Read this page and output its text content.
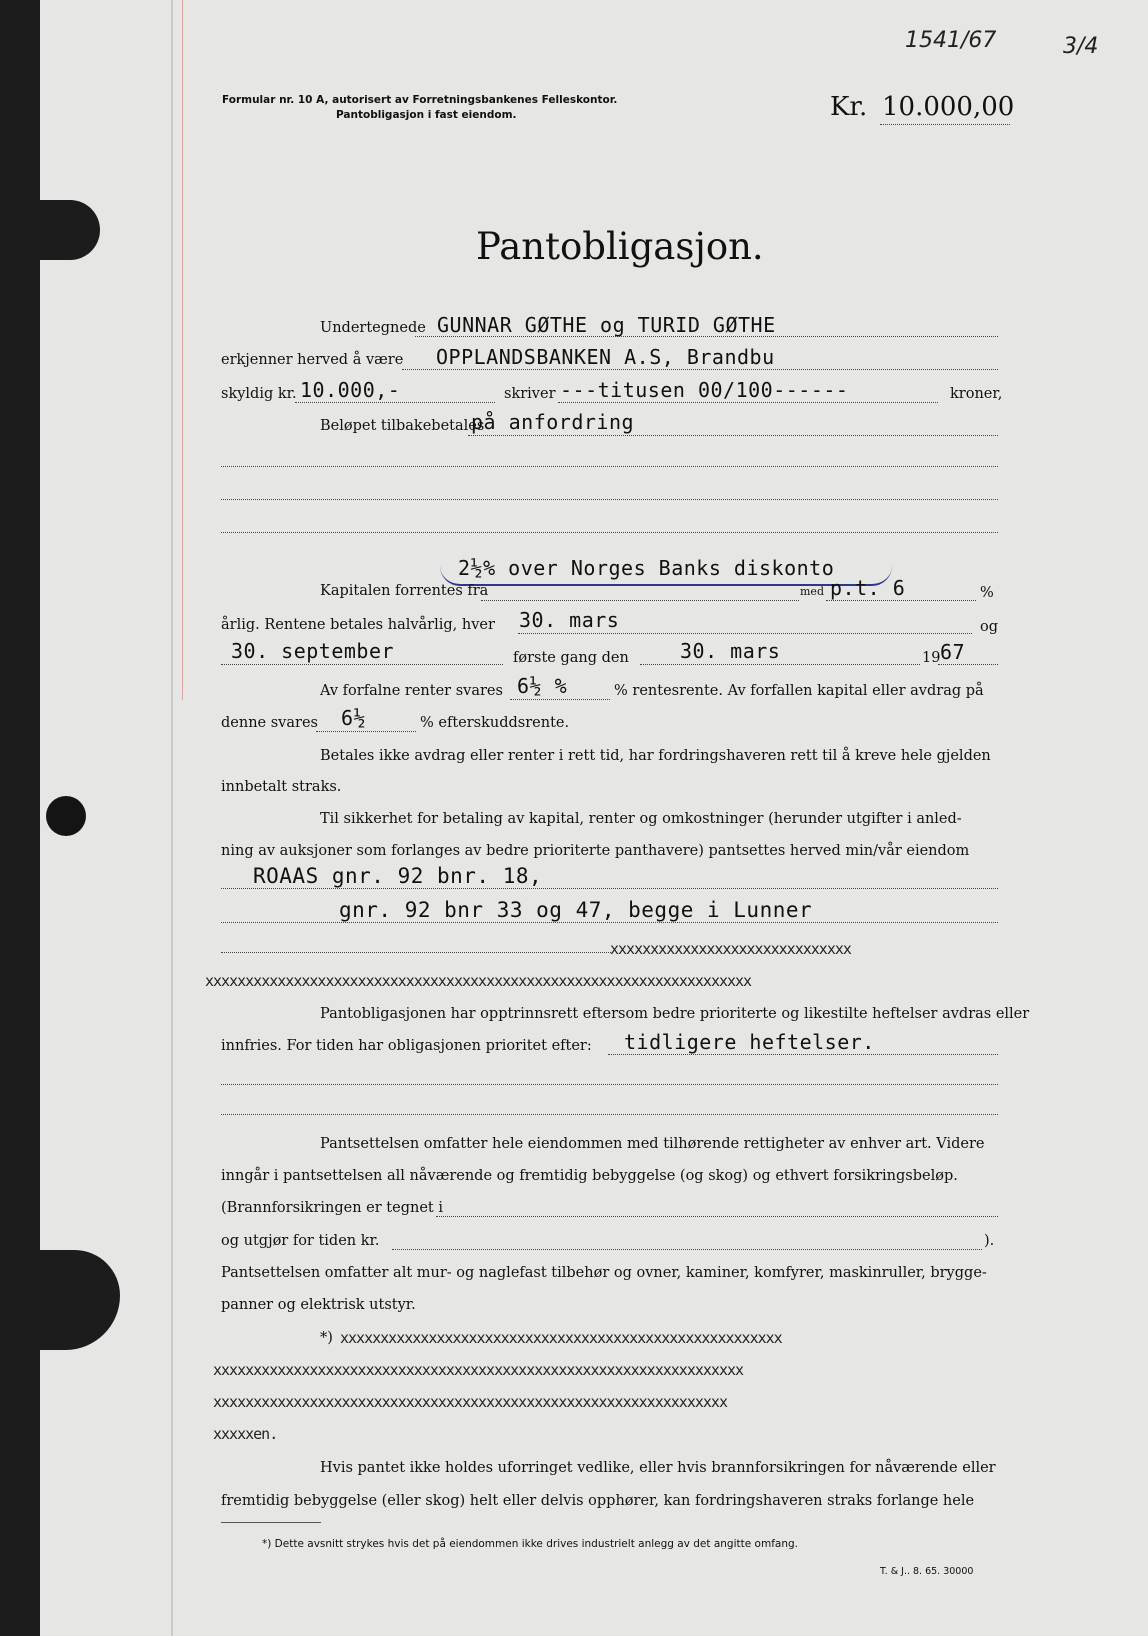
1541/67	3/4
Formular nr. 10 A, autorisert av Forretningsbankenes Felleskontor.
Pantobligasjon i fast eiendom.	Kr. 10.000,00
Pantobligasjon.
Undertegnede GUNNAR GØTHE og TURID GØTHE
erkjenner herved å være OPPLANDSBANKEN A.S, Brandbu
skyldig kr. 10.000,-	skriver ---titusen 00/100------	kroner,
Beløpet tilbakebetales
på anfordring
2½% over Norges Banks diskonto
Kapitalen forrentes fra	med p.t. 6	%
årlig. Rentene betales halvårlig, hver 30. mars	og
30. september	første gang den	30. mars	19 67
Av forfalne renter svares 6½ %	% rentesrente. Av forfallen kapital eller avdrag på
denne svares 6½	% efterskuddsrente.
Betales ikke avdrag eller renter i rett tid, har fordringshaveren rett til å kreve hele gjelden
innbetalt straks.
Til sikkerhet for betaling av kapital, renter og omkostninger (herunder utgifter i anled-
ning av auksjoner som forlanges av bedre prioriterte panthavere) pantsettes herved min/vår eiendom
ROAAS gnr. 92 bnr. 18,
gnr. 92 bnr 33 og 47, begge i Lunner
xxxxxxxxxxxxxxxxxxxxxxxxxxxxxx
xxxxxxxxxxxxxxxxxxxxxxxxxxxxxxxxxxxxxxxxxxxxxxxxxxxxxxxxxxxxxxxxxxxx
Pantobligasjonen har opptrinnsrett eftersom bedre prioriterte og likestilte heftelser avdras eller
innfries. For tiden har obligasjonen prioritet efter: tidligere heftelser.
Pantsettelsen omfatter hele eiendommen med tilhørende rettigheter av enhver art. Videre
inngår i pantsettelsen all nåværende og fremtidig bebyggelse (og skog) og ethvert forsikringsbeløp.
(Brannforsikringen er tegnet i
og utgjør for tiden kr.	).
Pantsettelsen omfatter alt mur- og naglefast tilbehør og ovner, kaminer, komfyrer, maskinruller, brygge-
panner og elektrisk utstyr.
*) xxxxxxxxxxxxxxxxxxxxxxxxxxxxxxxxxxxxxxxxxxxxxxxxxxxxxxx
xxxxxxxxxxxxxxxxxxxxxxxxxxxxxxxxxxxxxxxxxxxxxxxxxxxxxxxxxxxxxxxxxx
xxxxxxxxxxxxxxxxxxxxxxxxxxxxxxxxxxxxxxxxxxxxxxxxxxxxxxxxxxxxxxxx
xxxxxen.
Hvis pantet ikke holdes uforringet vedlike, eller hvis brannforsikringen for nåværende eller
fremtidig bebyggelse (eller skog) helt eller delvis opphører, kan fordringshaveren straks forlange hele
*) Dette avsnitt strykes hvis det på eiendommen ikke drives industrielt anlegg av det angitte omfang.
T. & J.. 8. 65. 30000
